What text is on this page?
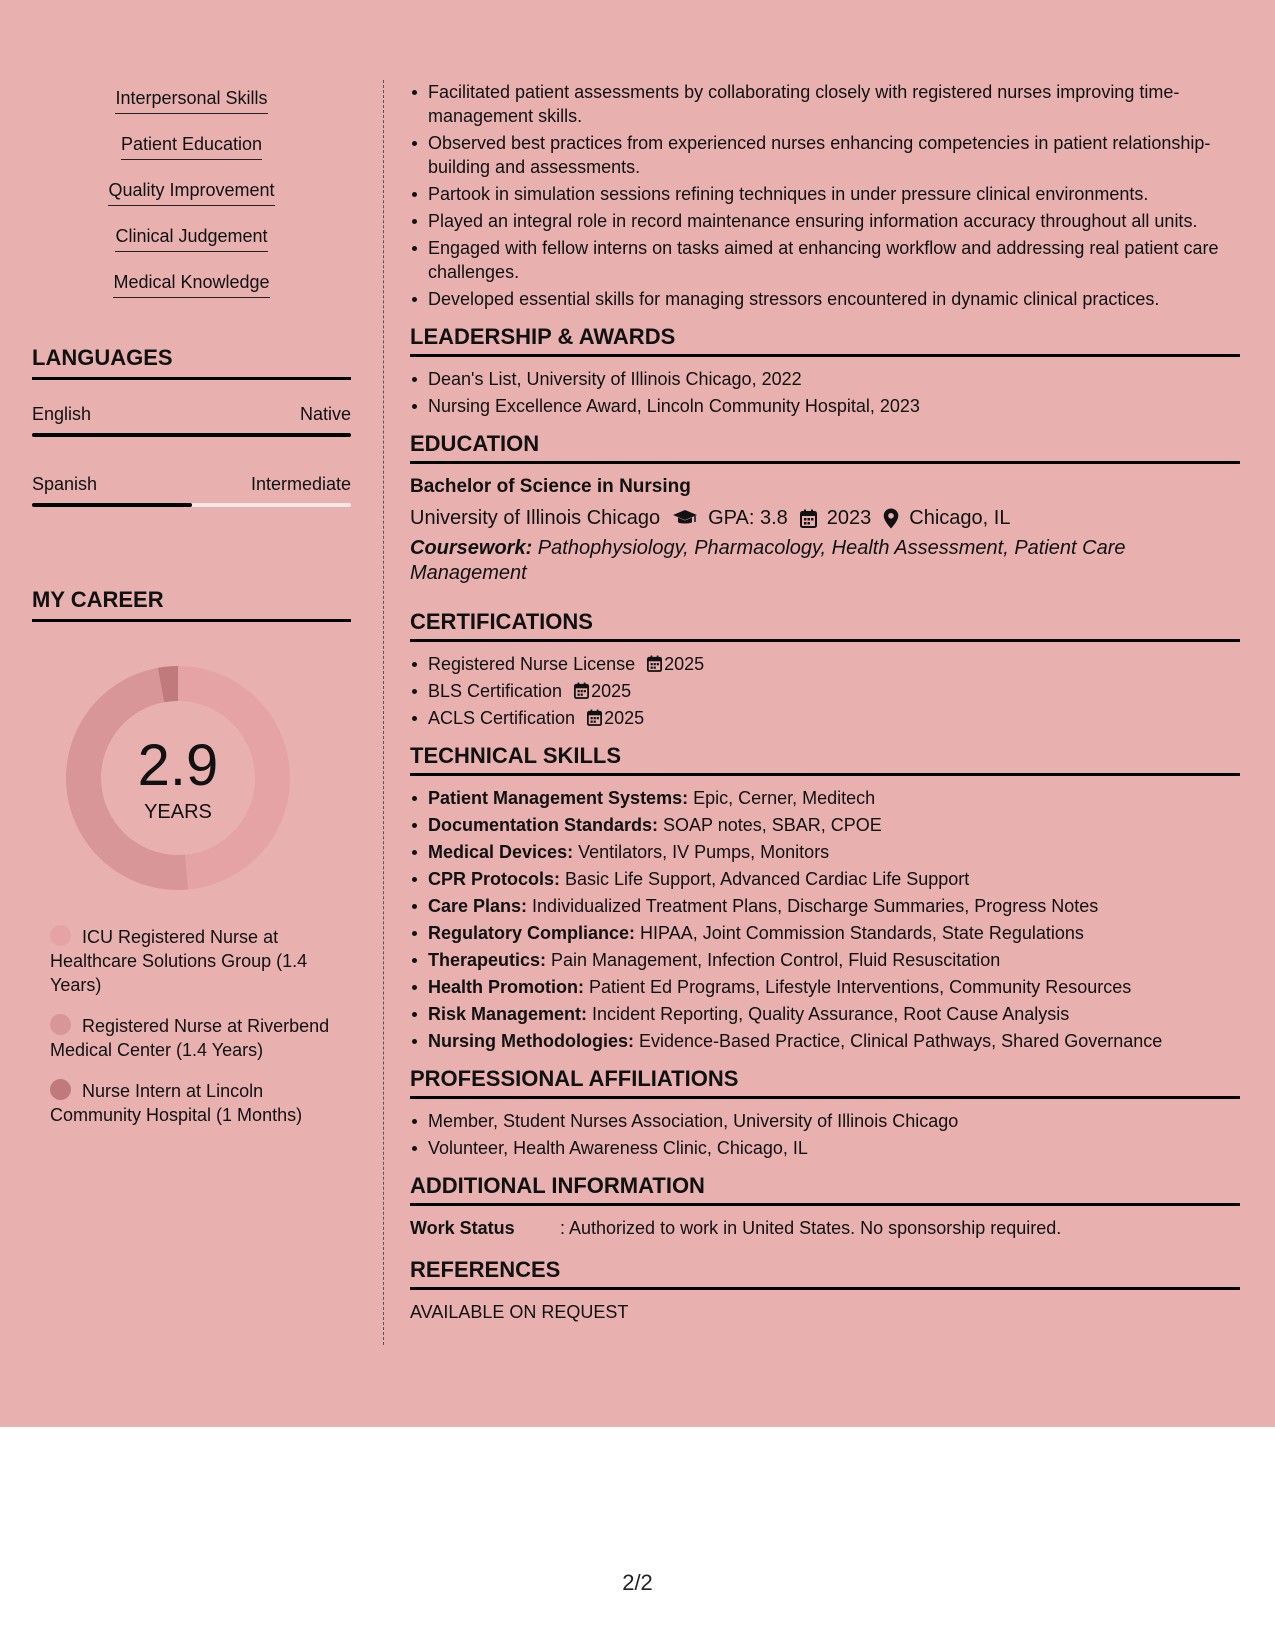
Interpersonal Skills
Patient Education
Quality Improvement
Clinical Judgement
Medical Knowledge
LANGUAGES
English	Native
Spanish	Intermediate
MY CAREER
2.9
YEARS
ICU Registered Nurse at Healthcare Solutions Group (1.4 Years)
Registered Nurse at Riverbend Medical Center (1.4 Years)
Nurse Intern at Lincoln Community Hospital (1 Months)
Facilitated patient assessments by collaborating closely with registered nurses improving time-management skills.
Observed best practices from experienced nurses enhancing competencies in patient relationship-building and assessments.
Partook in simulation sessions refining techniques in under pressure clinical environments.
Played an integral role in record maintenance ensuring information accuracy throughout all units.
Engaged with fellow interns on tasks aimed at enhancing workflow and addressing real patient care challenges.
Developed essential skills for managing stressors encountered in dynamic clinical practices.
LEADERSHIP & AWARDS
Dean's List, University of Illinois Chicago, 2022
Nursing Excellence Award, Lincoln Community Hospital, 2023
EDUCATION
Bachelor of Science in Nursing
University of Illinois Chicago GPA: 3.8 2023 Chicago, IL
Coursework: Pathophysiology, Pharmacology, Health Assessment, Patient Care Management
CERTIFICATIONS
Registered Nurse License 2025
BLS Certification 2025
ACLS Certification 2025
TECHNICAL SKILLS
Patient Management Systems: Epic, Cerner, Meditech
Documentation Standards: SOAP notes, SBAR, CPOE
Medical Devices: Ventilators, IV Pumps, Monitors
CPR Protocols: Basic Life Support, Advanced Cardiac Life Support
Care Plans: Individualized Treatment Plans, Discharge Summaries, Progress Notes
Regulatory Compliance: HIPAA, Joint Commission Standards, State Regulations
Therapeutics: Pain Management, Infection Control, Fluid Resuscitation
Health Promotion: Patient Ed Programs, Lifestyle Interventions, Community Resources
Risk Management: Incident Reporting, Quality Assurance, Root Cause Analysis
Nursing Methodologies: Evidence-Based Practice, Clinical Pathways, Shared Governance
PROFESSIONAL AFFILIATIONS
Member, Student Nurses Association, University of Illinois Chicago
Volunteer, Health Awareness Clinic, Chicago, IL
ADDITIONAL INFORMATION
Work Status	: Authorized to work in United States. No sponsorship required.
REFERENCES
AVAILABLE ON REQUEST
2/2
